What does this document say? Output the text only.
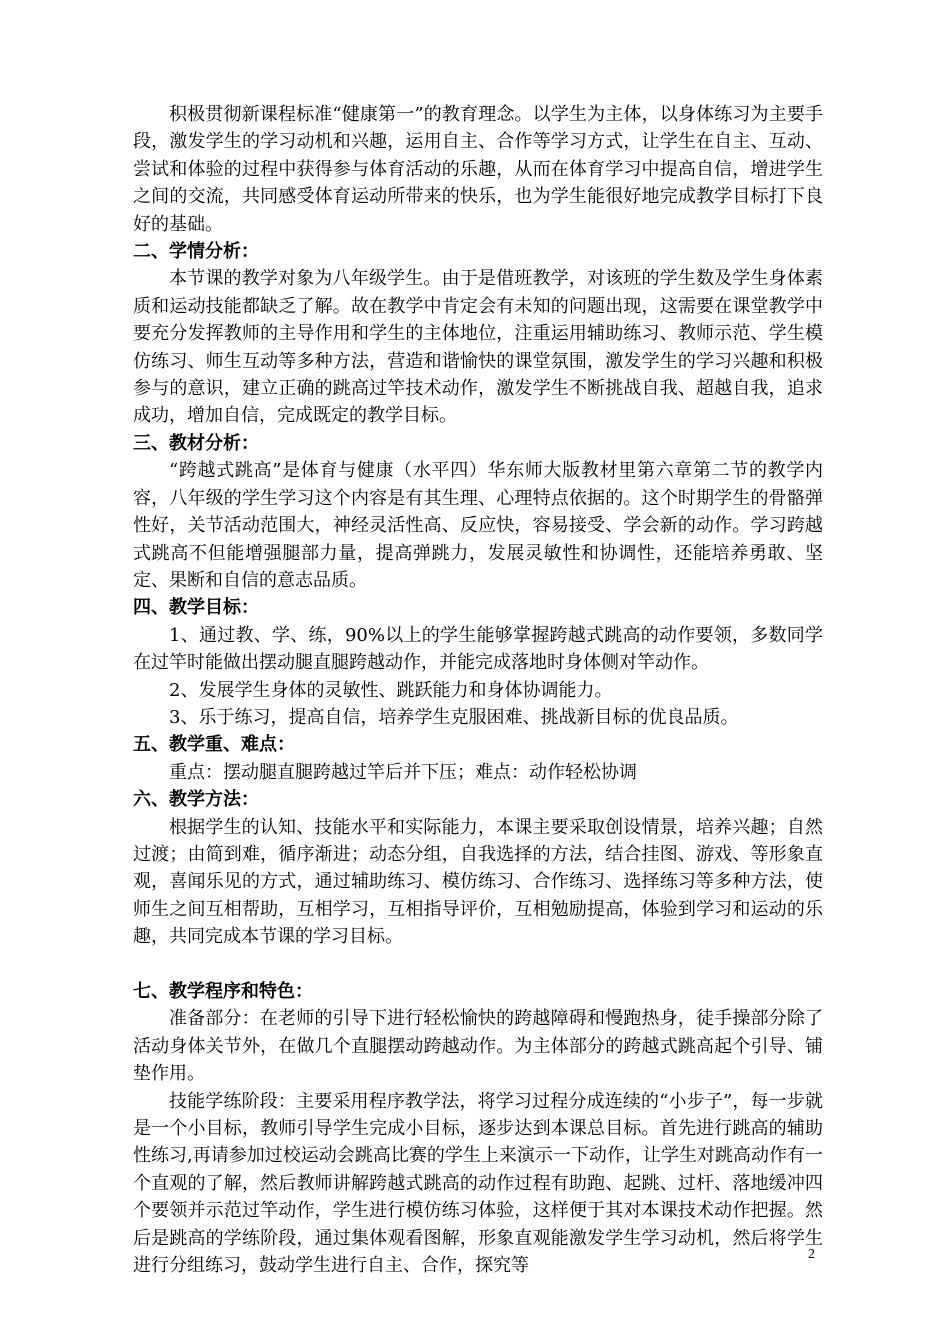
积极贯彻新课程标准“健康第一”的教育理念。以学生为主体，以身体练习为主要手段，激发学生的学习动机和兴趣，运用自主、合作等学习方式，让学生在自主、互动、尝试和体验的过程中获得参与体育活动的乐趣，从而在体育学习中提高自信，增进学生之间的交流，共同感受体育运动所带来的快乐，也为学生能很好地完成教学目标打下良好的基础。

二、学情分析：

本节课的教学对象为八年级学生。由于是借班教学，对该班的学生数及学生身体素质和运动技能都缺乏了解。故在教学中肯定会有未知的问题出现，这需要在课堂教学中要充分发挥教师的主导作用和学生的主体地位，注重运用辅助练习、教师示范、学生模仿练习、师生互动等多种方法，营造和谐愉快的课堂氛围，激发学生的学习兴趣和积极参与的意识，建立正确的跳高过竿技术动作，激发学生不断挑战自我、超越自我，追求成功，增加自信，完成既定的教学目标。

三、教材分析：

“跨越式跳高”是体育与健康（水平四）华东师大版教材里第六章第二节的教学内容，八年级的学生学习这个内容是有其生理、心理特点依据的。这个时期学生的骨骼弹性好，关节活动范围大，神经灵活性高、反应快，容易接受、学会新的动作。学习跨越式跳高不但能增强腿部力量，提高弹跳力，发展灵敏性和协调性，还能培养勇敢、坚定、果断和自信的意志品质。

四、教学目标：

1、通过教、学、练，90%以上的学生能够掌握跨越式跳高的动作要领，多数同学在过竿时能做出摆动腿直腿跨越动作，并能完成落地时身体侧对竿动作。

2、发展学生身体的灵敏性、跳跃能力和身体协调能力。

3、乐于练习，提高自信，培养学生克服困难、挑战新目标的优良品质。

五、教学重、难点：

重点：摆动腿直腿跨越过竿后并下压；难点：动作轻松协调

六、教学方法：

根据学生的认知、技能水平和实际能力，本课主要采取创设情景，培养兴趣；自然过渡；由简到难，循序渐进；动态分组，自我选择的方法，结合挂图、游戏、等形象直观，喜闻乐见的方式，通过辅助练习、模仿练习、合作练习、选择练习等多种方法，使师生之间互相帮助，互相学习，互相指导评价，互相勉励提高，体验到学习和运动的乐趣，共同完成本节课的学习目标。

七、教学程序和特色：

准备部分：在老师的引导下进行轻松愉快的跨越障碍和慢跑热身，徒手操部分除了活动身体关节外，在做几个直腿摆动跨越动作。为主体部分的跨越式跳高起个引导、铺垫作用。

技能学练阶段：主要采用程序教学法，将学习过程分成连续的“小步子”，每一步就是一个小目标，教师引导学生完成小目标，逐步达到本课总目标。首先进行跳高的辅助性练习,再请参加过校运动会跳高比赛的学生上来演示一下动作，让学生对跳高动作有一个直观的了解，然后教师讲解跨越式跳高的动作过程有助跑、起跳、过杆、落地缓冲四个要领并示范过竿动作，学生进行模仿练习体验，这样便于其对本课技术动作把握。然后是跳高的学练阶段，通过集体观看图解，形象直观能激发学生学习动机，然后将学生进行分组练习，鼓动学生进行自主、合作，探究等

2
